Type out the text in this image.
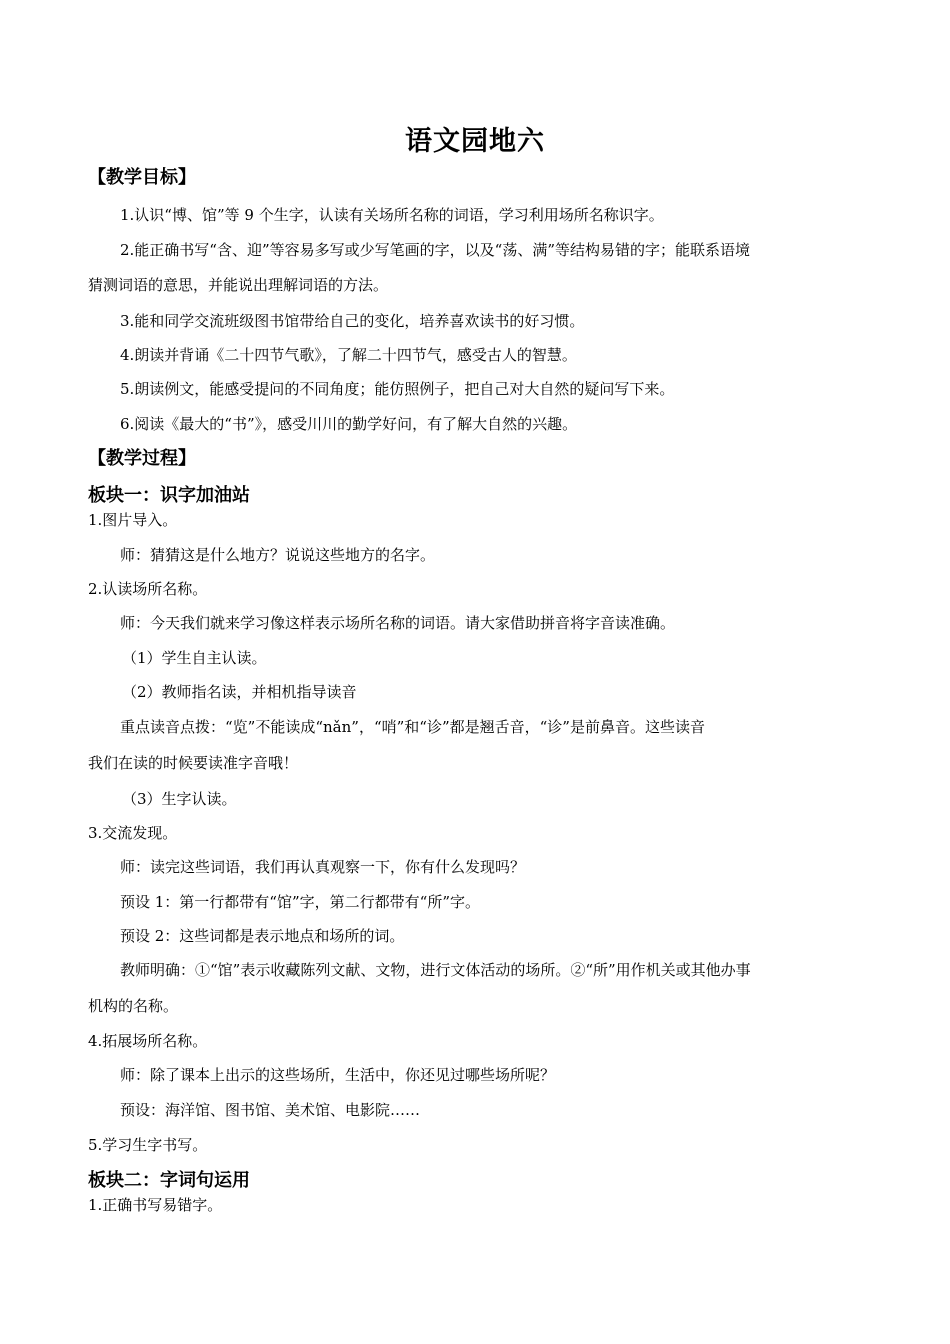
语文园地六
【教学目标】
1.认识“博、馆”等 9 个生字，认读有关场所名称的词语，学习利用场所名称识字。
2.能正确书写“含、迎”等容易多写或少写笔画的字，以及“荡、满”等结构易错的字；能联系语境
猜测词语的意思，并能说出理解词语的方法。
3.能和同学交流班级图书馆带给自己的变化，培养喜欢读书的好习惯。
4.朗读并背诵《二十四节气歌》，了解二十四节气，感受古人的智慧。
5.朗读例文，能感受提问的不同角度；能仿照例子，把自己对大自然的疑问写下来。
6.阅读《最大的“书”》，感受川川的勤学好问，有了解大自然的兴趣。
【教学过程】
板块一：识字加油站
1.图片导入。
师：猜猜这是什么地方？说说这些地方的名字。
2.认读场所名称。
师：今天我们就来学习像这样表示场所名称的词语。请大家借助拼音将字音读准确。
（1）学生自主认读。
（2）教师指名读，并相机指导读音
重点读音点拨：“览”不能读成“nǎn”，“哨”和“诊”都是翘舌音，“诊”是前鼻音。这些读音
我们在读的时候要读准字音哦！
（3）生字认读。
3.交流发现。
师：读完这些词语，我们再认真观察一下，你有什么发现吗？
预设 1：第一行都带有“馆”字，第二行都带有“所”字。
预设 2：这些词都是表示地点和场所的词。
教师明确：①“馆”表示收藏陈列文献、文物，进行文体活动的场所。②“所”用作机关或其他办事
机构的名称。
4.拓展场所名称。
师：除了课本上出示的这些场所，生活中，你还见过哪些场所呢？
预设：海洋馆、图书馆、美术馆、电影院……
5.学习生字书写。
板块二：字词句运用
1.正确书写易错字。
